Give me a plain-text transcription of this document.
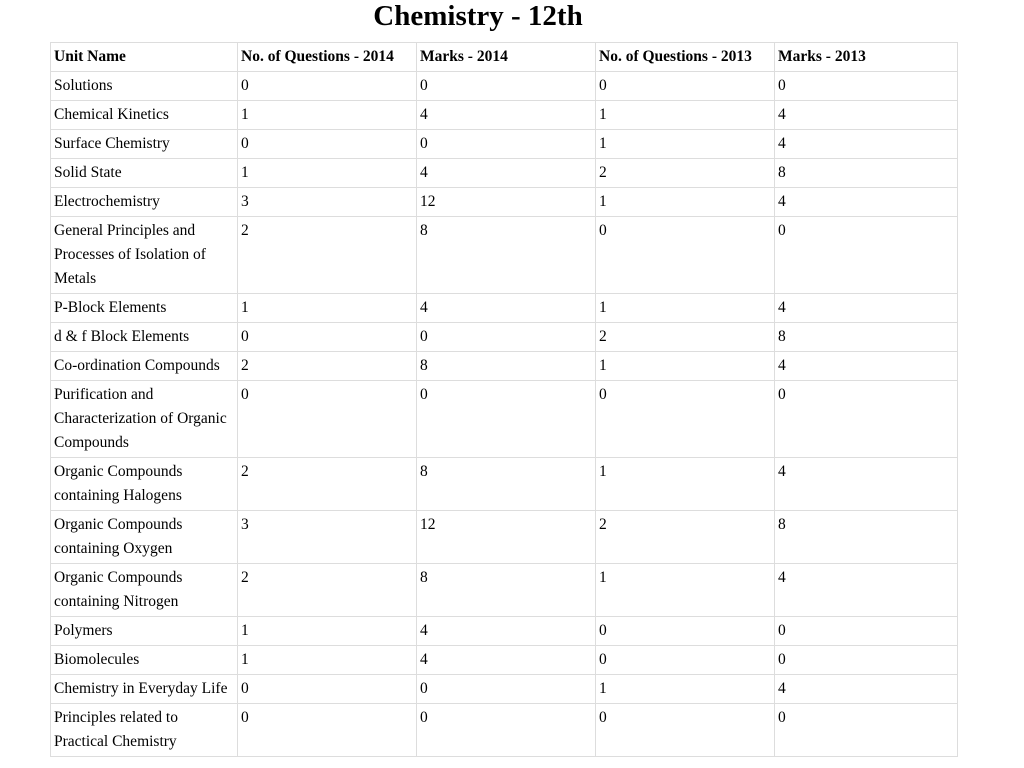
Chemistry - 12th
Unit Name	No. of Questions - 2014	Marks - 2014	No. of Questions - 2013	Marks - 2013
Solutions	0	0	0	0
Chemical Kinetics	1	4	1	4
Surface Chemistry	0	0	1	4
Solid State	1	4	2	8
Electrochemistry	3	12	1	4
General Principles and Processes of Isolation of Metals	2	8	0	0
P-Block Elements	1	4	1	4
d & f Block Elements	0	0	2	8
Co-ordination Compounds	2	8	1	4
Purification and Characterization of Organic Compounds	0	0	0	0
Organic Compounds containing Halogens	2	8	1	4
Organic Compounds containing Oxygen	3	12	2	8
Organic Compounds containing Nitrogen	2	8	1	4
Polymers	1	4	0	0
Biomolecules	1	4	0	0
Chemistry in Everyday Life	0	0	1	4
Principles related to Practical Chemistry	0	0	0	0
